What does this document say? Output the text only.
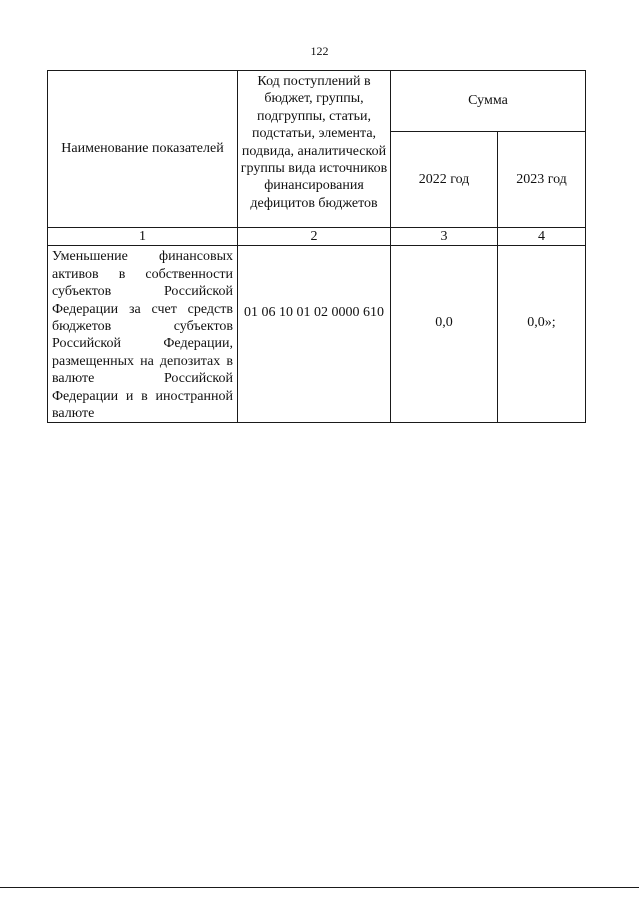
122
Наименование показателей	Код поступлений в бюджет, группы, подгруппы, статьи, подстатьи, элемента, подвида, аналитической группы вида источников финансирования дефицитов бюджетов	Сумма	
		2022 год	2023 год
1	2	3	4
Уменьшение финансовых активов в собственности субъектов Российской Федерации за счет средств бюджетов субъектов Российской Федерации, размещенных на депозитах в валюте Российской Федерации и в иностранной валюте	01 06 10 01 02 0000 610	0,0	0,0»;
